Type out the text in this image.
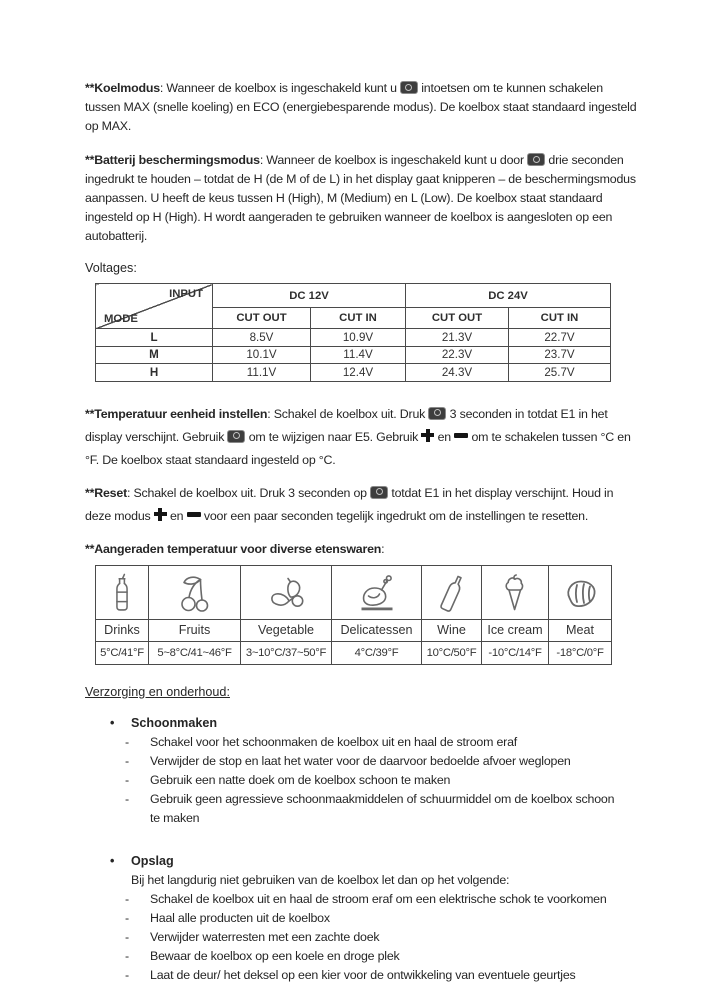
**Koelmodus: Wanneer de koelbox is ingeschakeld kunt u  intoetsen om te kunnen schakelen tussen MAX (snelle koeling) en ECO (energiebesparende modus). De koelbox staat standaard ingesteld op MAX.

**Batterij beschermingsmodus: Wanneer de koelbox is ingeschakeld kunt u door  drie seconden ingedrukt te houden – totdat de H (de M of de L) in het display gaat knipperen – de beschermingsmodus aanpassen. U heeft de keus tussen H (High), M (Medium) en L (Low). De koelbox staat standaard ingesteld op H (High). H wordt aangeraden te gebruiken wanneer de koelbox is aangesloten op een autobatterij.

Voltages:

INPUT
MODE	DC 12V		DC 24V	
	CUT OUT	CUT IN	CUT OUT	CUT IN
L	8.5V	10.9V	21.3V	22.7V
M	10.1V	11.4V	22.3V	23.7V
H	11.1V	12.4V	24.3V	25.7V

**Temperatuur eenheid instellen: Schakel de koelbox uit. Druk  3 seconden in totdat E1 in het display verschijnt. Gebruik  om te wijzigen naar E5. Gebruik  en  om te schakelen tussen °C en °F. De koelbox staat standaard ingesteld op °C.

**Reset: Schakel de koelbox uit. Druk 3 seconden op  totdat E1 in het display verschijnt. Houd in deze modus  en  voor een paar seconden tegelijk ingedrukt om de instellingen te resetten.

**Aangeraden temperatuur voor diverse etenswaren:

Drinks	Fruits	Vegetable	Delicatessen	Wine	Ice cream	Meat
5°C/41°F	5~8°C/41~46°F	3~10°C/37~50°F	4°C/39°F	10°C/50°F	-10°C/14°F	-18°C/0°F

Verzorging en onderhoud:

•
Schoonmaken
-
Schakel voor het schoonmaken de koelbox uit en haal de stroom eraf
-
Verwijder de stop en laat het water voor de daarvoor bedoelde afvoer weglopen
-
Gebruik een natte doek om de koelbox schoon te maken
-
Gebruik geen agressieve schoonmaakmiddelen of schuurmiddel om de koelbox schoon te maken
•
Opslag
Bij het langdurig niet gebruiken van de koelbox let dan op het volgende:
-
Schakel de koelbox uit en haal de stroom eraf om een elektrische schok te voorkomen
-
Haal alle producten uit de koelbox
-
Verwijder waterresten met een zachte doek
-
Bewaar de koelbox op een koele en droge plek
-
Laat de deur/ het deksel op een kier voor de ontwikkeling van eventuele geurtjes
